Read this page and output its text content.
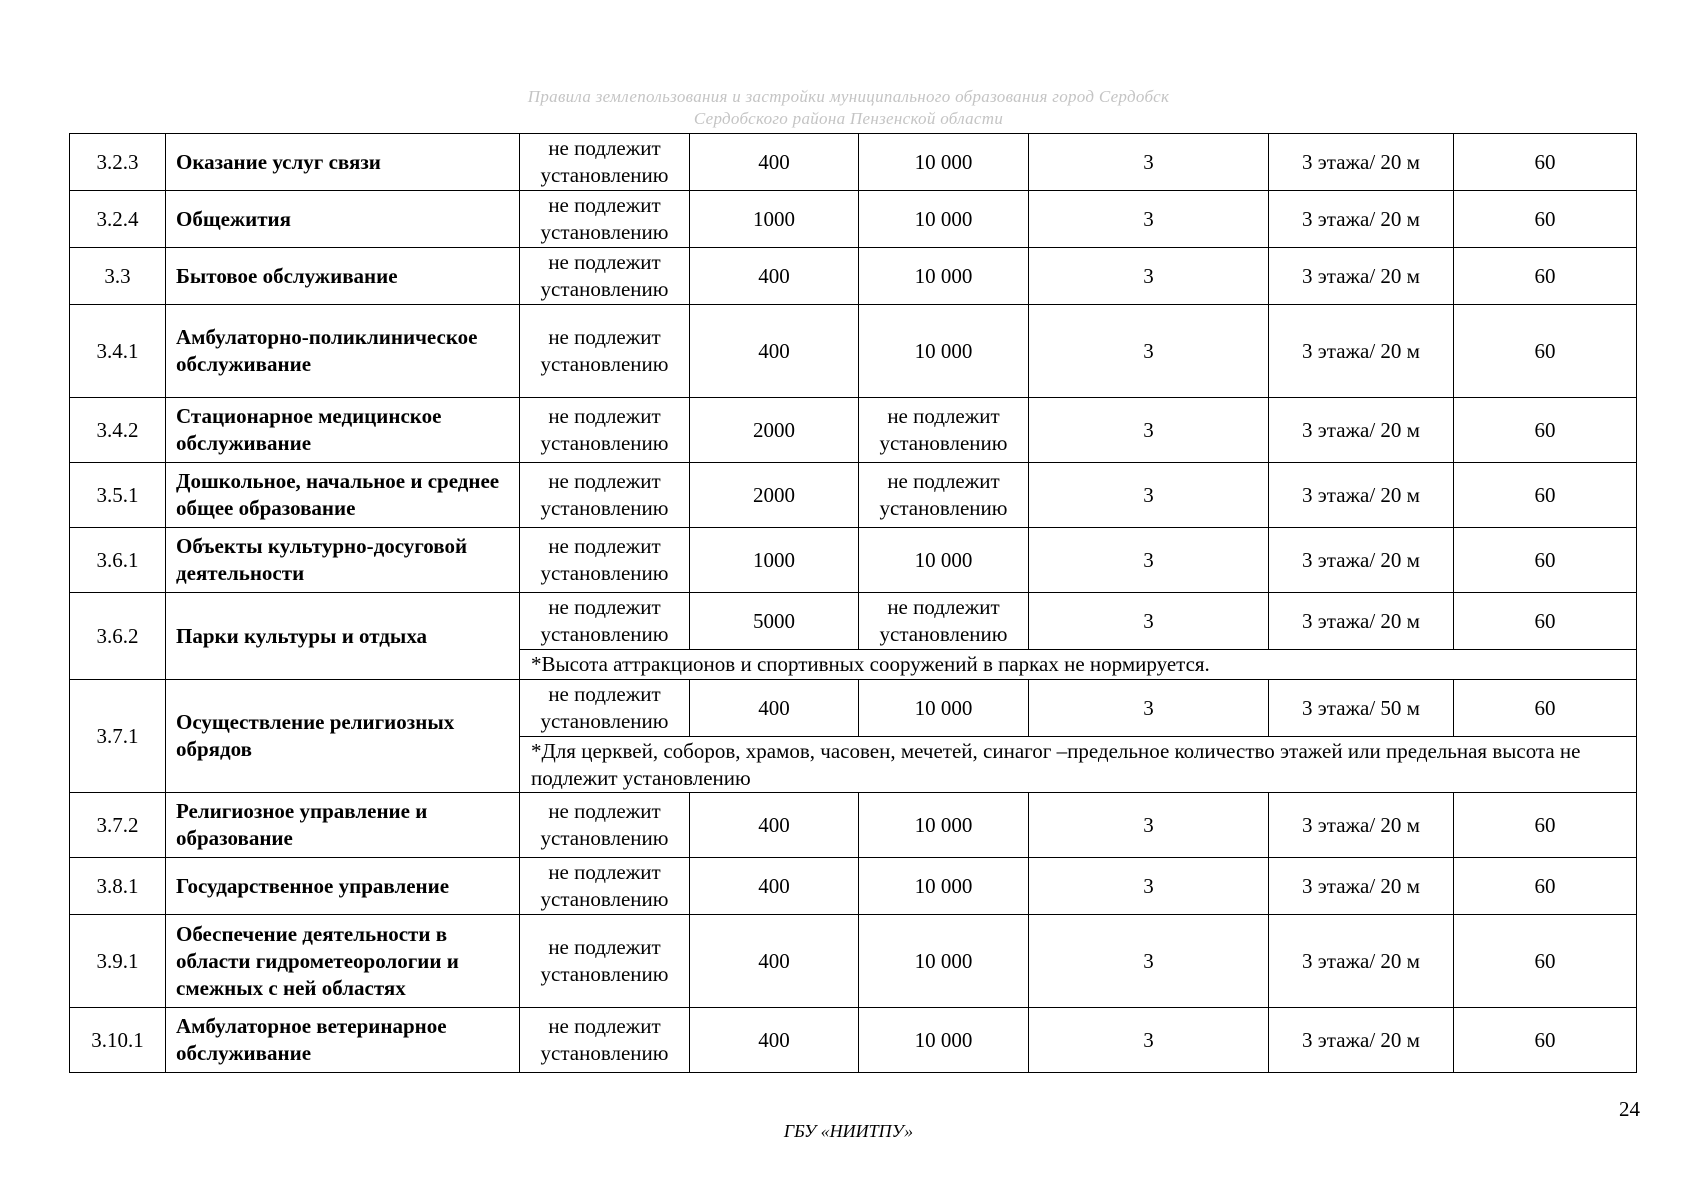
Правила землепользования и застройки муниципального образования город Сердобск
Сердобского района Пензенской области
3.2.3	Оказание услуг связи	не подлежит установлению	400	10 000	3	3 этажа/ 20 м	60
3.2.4	Общежития	не подлежит установлению	1000	10 000	3	3 этажа/ 20 м	60
3.3	Бытовое обслуживание	не подлежит установлению	400	10 000	3	3 этажа/ 20 м	60
3.4.1	Амбулаторно-поликлиническое обслуживание	не подлежит установлению	400	10 000	3	3 этажа/ 20 м	60
3.4.2	Стационарное медицинское обслуживание	не подлежит установлению	2000	не подлежит установлению	3	3 этажа/ 20 м	60
3.5.1	Дошкольное, начальное и среднее общее образование	не подлежит установлению	2000	не подлежит установлению	3	3 этажа/ 20 м	60
3.6.1	Объекты культурно-досуговой деятельности	не подлежит установлению	1000	10 000	3	3 этажа/ 20 м	60
3.6.2	Парки культуры и отдыха	не подлежит установлению	5000	не подлежит установлению	3	3 этажа/ 20 м	60
		*Высота аттракционов и спортивных сооружений в парках не нормируется.					
3.7.1	Осуществление религиозных обрядов	не подлежит установлению	400	10 000	3	3 этажа/ 50 м	60
		*Для церквей, соборов, храмов, часовен, мечетей, синагог –предельное количество этажей или предельная высота не подлежит установлению					
3.7.2	Религиозное управление и образование	не подлежит установлению	400	10 000	3	3 этажа/ 20 м	60
3.8.1	Государственное управление	не подлежит установлению	400	10 000	3	3 этажа/ 20 м	60
3.9.1	Обеспечение деятельности в области гидрометеорологии и смежных с ней областях	не подлежит установлению	400	10 000	3	3 этажа/ 20 м	60
3.10.1	Амбулаторное ветеринарное обслуживание	не подлежит установлению	400	10 000	3	3 этажа/ 20 м	60
24
ГБУ «НИИТПУ»
